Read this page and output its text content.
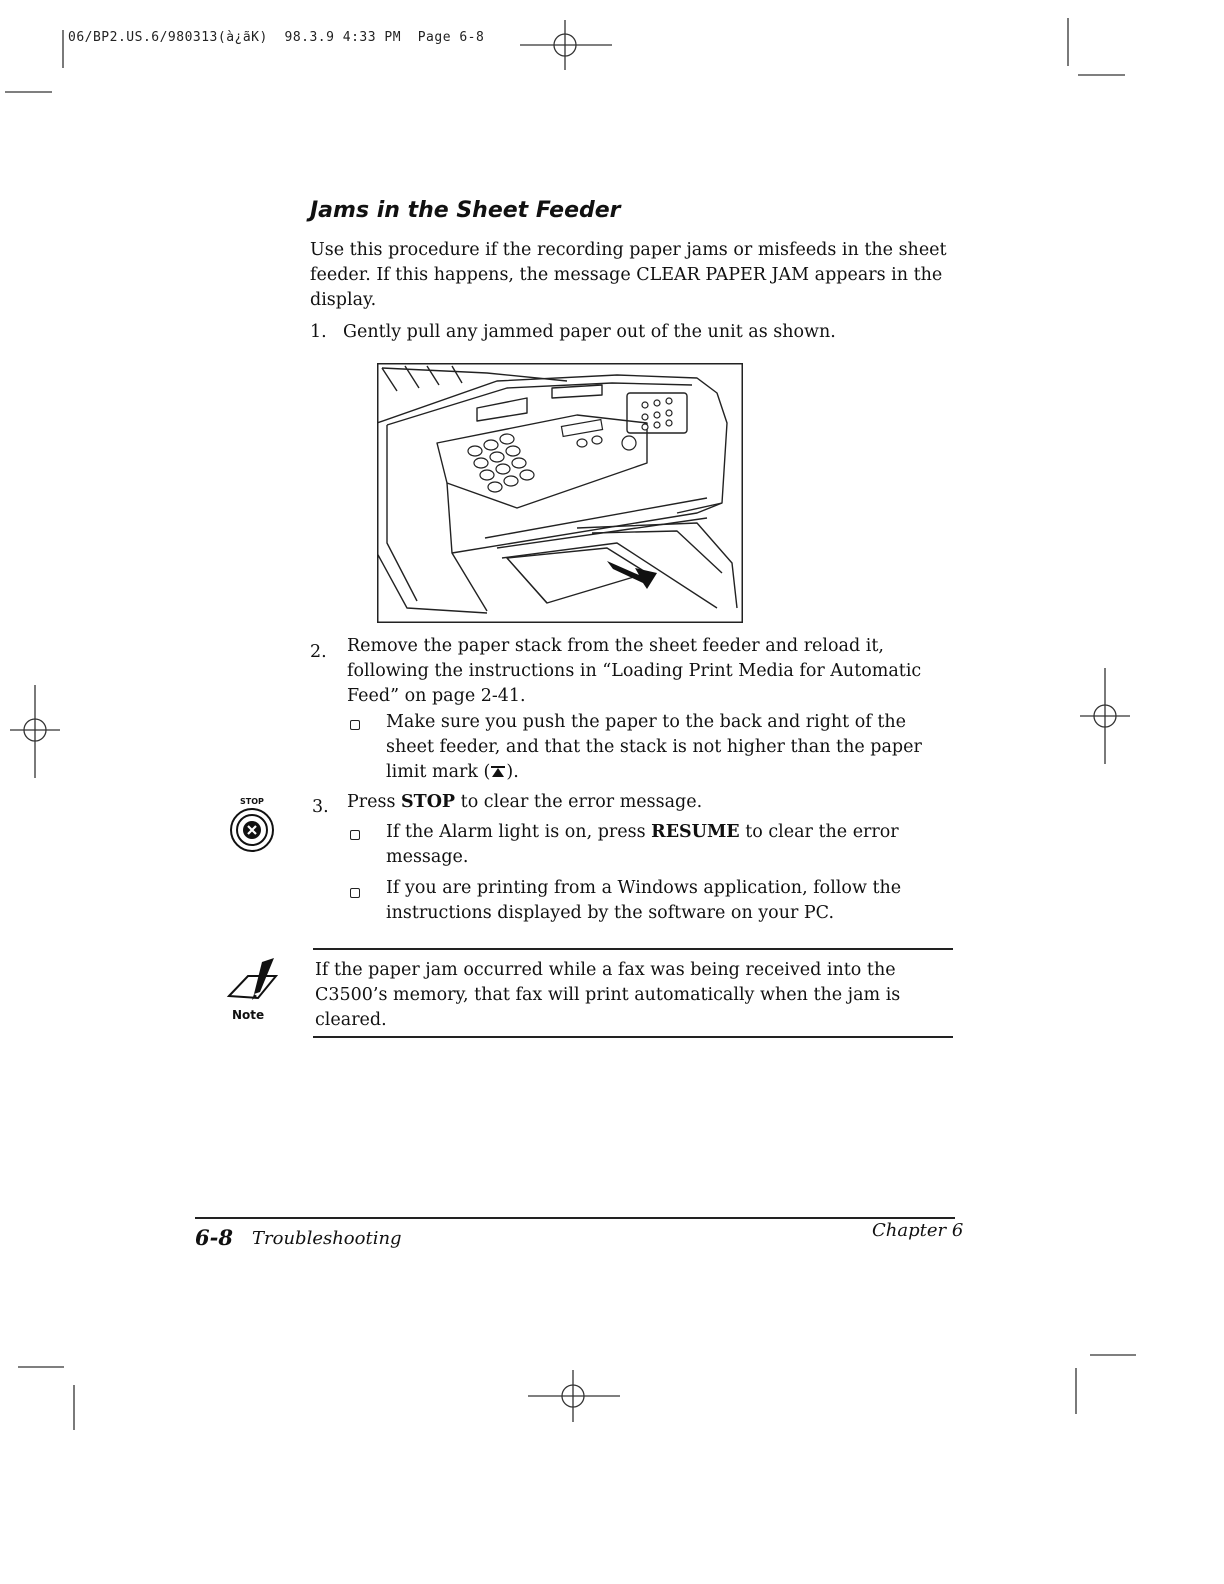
06/BP2.US.6/980313(à¿ãK)  98.3.9 4:33 PM  Page 6-8
Jams in the Sheet Feeder
Use this procedure if the recording paper jams or misfeeds in the sheet
feeder. If this happens, the message CLEAR PAPER JAM appears in the
display.
1. Gently pull any jammed paper out of the unit as shown.
2. Remove the paper stack from the sheet feeder and reload it,
following the instructions in “Loading Print Media for Automatic
Feed” on page 2-41.
Make sure you push the paper to the back and right of the
sheet feeder, and that the stack is not higher than the paper
limit mark ( ).
STOP	3. Press STOP to clear the error message.
If the Alarm light is on, press RESUME to clear the error
message.
If you are printing from a Windows application, follow the
instructions displayed by the software on your PC.
Note
If the paper jam occurred while a fax was being received into the
C3500’s memory, that fax will print automatically when the jam is
cleared.
6-8 Troubleshooting	Chapter 6
